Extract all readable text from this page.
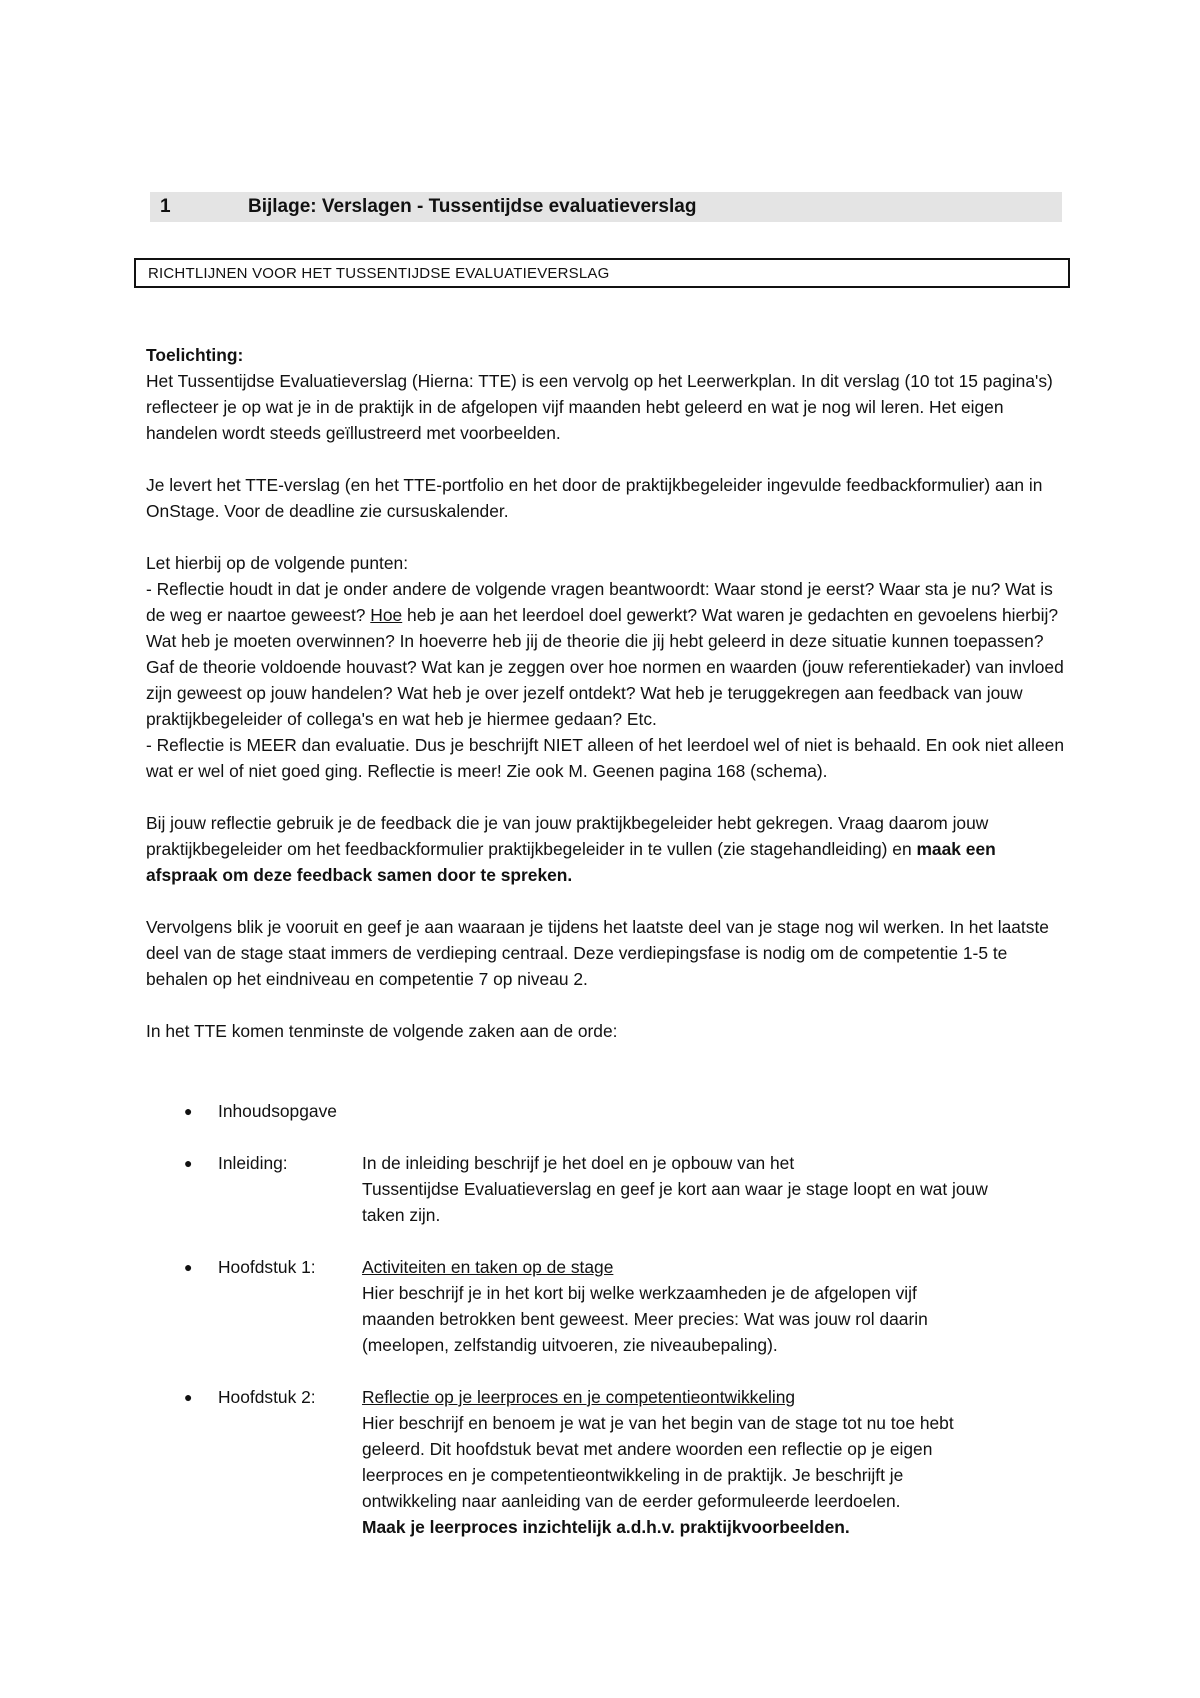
1	Bijlage: Verslagen - Tussentijdse evaluatieverslag
RICHTLIJNEN VOOR HET TUSSENTIJDSE EVALUATIEVERSLAG

Toelichting:

Het Tussentijdse Evaluatieverslag (Hierna: TTE) is een vervolg op het Leerwerkplan. In dit verslag (10 tot 15 pagina's) reflecteer je op wat je in de praktijk in de afgelopen vijf maanden hebt geleerd en wat je nog wil leren. Het eigen handelen wordt steeds geïllustreerd met voorbeelden.

Je levert het TTE-verslag (en het TTE-portfolio en het door de praktijkbegeleider ingevulde feedbackformulier) aan in OnStage. Voor de deadline zie cursuskalender.

Let hierbij op de volgende punten:

- Reflectie houdt in dat je onder andere de volgende vragen beantwoordt: Waar stond je eerst? Waar sta je nu? Wat is de weg er naartoe geweest? Hoe heb je aan het leerdoel doel gewerkt? Wat waren je gedachten en gevoelens hierbij? Wat heb je moeten overwinnen? In hoeverre heb jij de theorie die jij hebt geleerd in deze situatie kunnen toepassen? Gaf de theorie voldoende houvast? Wat kan je zeggen over hoe normen en waarden (jouw referentiekader) van invloed zijn geweest op jouw handelen? Wat heb je over jezelf ontdekt? Wat heb je teruggekregen aan feedback van jouw praktijkbegeleider of collega's en wat heb je hiermee gedaan? Etc.

- Reflectie is MEER dan evaluatie. Dus je beschrijft NIET alleen of het leerdoel wel of niet is behaald. En ook niet alleen wat er wel of niet goed ging. Reflectie is meer! Zie ook M. Geenen pagina 168 (schema).

Bij jouw reflectie gebruik je de feedback die je van jouw praktijkbegeleider hebt gekregen. Vraag daarom jouw praktijkbegeleider om het feedbackformulier praktijkbegeleider in te vullen (zie stagehandleiding) en maak een afspraak om deze feedback samen door te spreken.

Vervolgens blik je vooruit en geef je aan waaraan je tijdens het laatste deel van je stage nog wil werken. In het laatste deel van de stage staat immers de verdieping centraal. Deze verdiepingsfase is nodig om de competentie 1-5 te behalen op het eindniveau en competentie 7 op niveau 2.

In het TTE komen tenminste de volgende zaken aan de orde:

● Inhoudsopgave
● Inleiding:	In de inleiding beschrijf je het doel en je opbouw van het
Tussentijdse Evaluatieverslag en geef je kort aan waar je stage loopt en wat jouw
taken zijn.
● Hoofdstuk 1:	Activiteiten en taken op de stage
Hier beschrijf je in het kort bij welke werkzaamheden je de afgelopen vijf
maanden betrokken bent geweest. Meer precies: Wat was jouw rol daarin
(meelopen, zelfstandig uitvoeren, zie niveaubepaling).
● Hoofdstuk 2:	Reflectie op je leerproces en je competentieontwikkeling
Hier beschrijf en benoem je wat je van het begin van de stage tot nu toe hebt
geleerd. Dit hoofdstuk bevat met andere woorden een reflectie op je eigen
leerproces en je competentieontwikkeling in de praktijk. Je beschrijft je
ontwikkeling naar aanleiding van de eerder geformuleerde leerdoelen.
Maak je leerproces inzichtelijk a.d.h.v. praktijkvoorbeelden.
